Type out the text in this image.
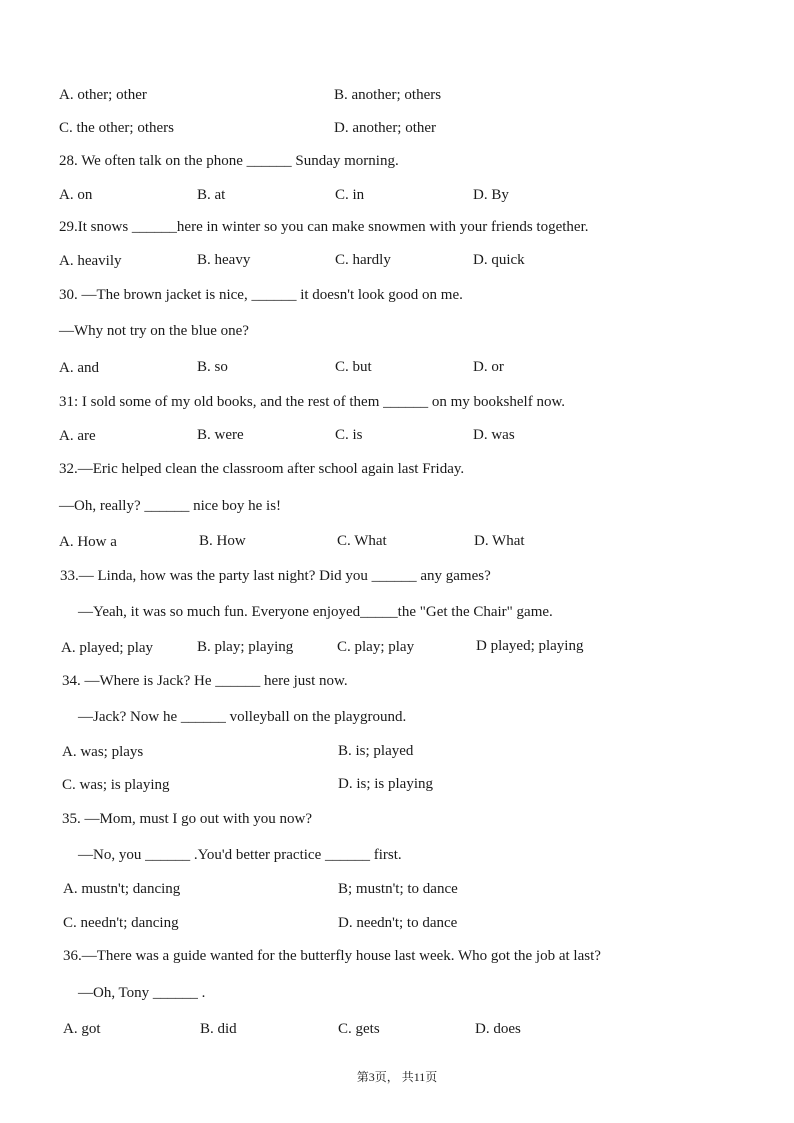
A. other; other	B. another; others
C. the other; others	D. another; other
28. We often talk on the phone ______ Sunday morning.
A. on	B. at	C. in	D. By
29.It snows ______here in winter so you can make snowmen with your friends together.
A. heavily	B. heavy	C. hardly	D. quick
30. —The brown jacket is nice, ______ it doesn't look good on me.
—Why not try on the blue one?
A. and	B. so	C. but	D. or
31: I sold some of my old books, and the rest of them ______ on my bookshelf now.
A. are	B. were	C. is	D. was
32.—Eric helped clean the classroom after school again last Friday.
—Oh, really? ______ nice boy he is!
A. How a	B. How	C. What	D. What
33.— Linda, how was the party last night? Did you ______ any games?
—Yeah, it was so much fun. Everyone enjoyed_____the "Get the Chair" game.
A. played; play	B. play; playing	C. play; play	D played; playing
34. —Where is Jack? He ______ here just now.
—Jack? Now he ______ volleyball on the playground.
A. was; plays	B. is; played
C. was; is playing	D. is; is playing
35. —Mom, must I go out with you now?
—No, you ______ .You'd better practice ______ first.
A. mustn't; dancing	B; mustn't; to dance
C. needn't; dancing	D. needn't; to dance
36.—There was a guide wanted for the butterfly house last week. Who got the job at last?
—Oh, Tony ______ .
A. got	B. did	C. gets	D. does
第3页， 共11页
